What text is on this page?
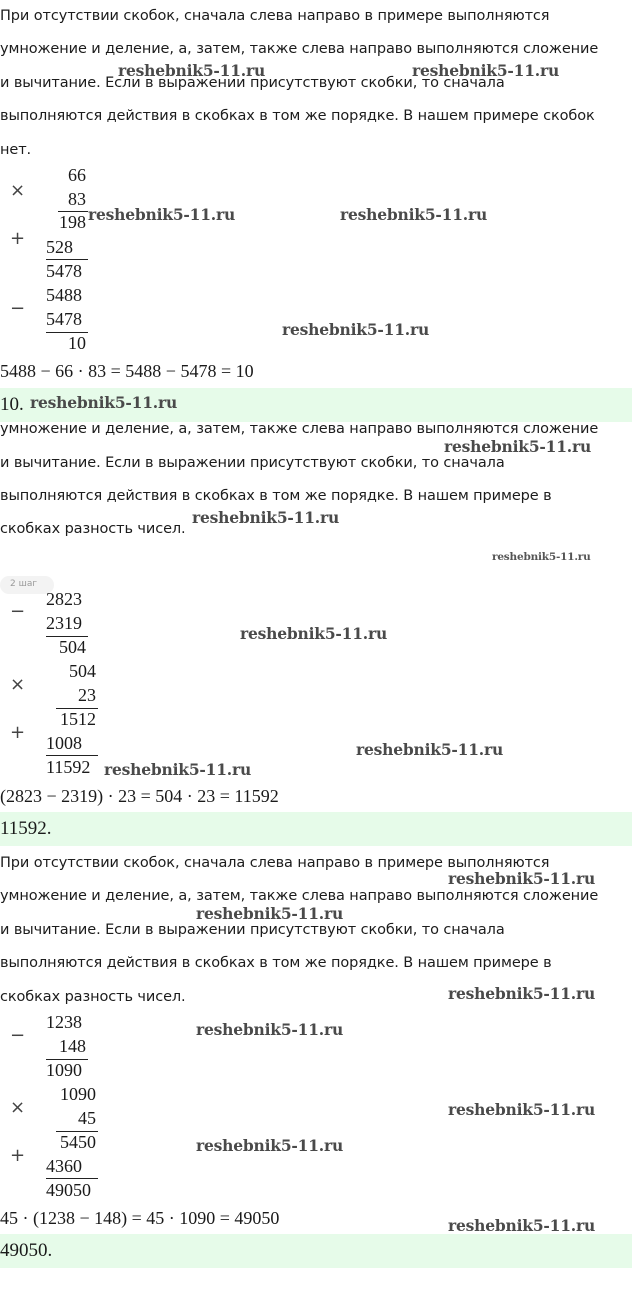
При отсутствии скобок, сначала слева направо в примере выполняются
умножение и деление, а, затем, также слева направо выполняются сложение
и вычитание. Если в выражении присутствуют скобки, то сначала
выполняются действия в скобках в том же порядке. В нашем примере скобок
нет.
×
66
83
198
+ 528
5478
−
5488
5478
10
5488 − 66 · 83 = 5488 − 5478 = 10
10.
умножение и деление, а, затем, также слева направо выполняются сложение
и вычитание. Если в выражении присутствуют скобки, то сначала
выполняются действия в скобках в том же порядке. В нашем примере в
скобках разность чисел.
2 шаг
−
2823
2319
504
×
504
23
1512
+ 1008
11592
(2823 − 2319) · 23 = 504 · 23 = 11592
11592.
При отсутствии скобок, сначала слева направо в примере выполняются
умножение и деление, а, затем, также слева направо выполняются сложение
и вычитание. Если в выражении присутствуют скобки, то сначала
выполняются действия в скобках в том же порядке. В нашем примере в
скобках разность чисел.
−
1238
148
1090
×
1090
45
5450
+ 4360
49050
45 · (1238 − 148) = 45 · 1090 = 49050
49050.
reshebnik5-11.ru	reshebnik5-11.ru
reshebnik5-11.ru	reshebnik5-11.ru
reshebnik5-11.ru
reshebnik5-11.ru
reshebnik5-11.ru
reshebnik5-11.ru
reshebnik5-11.ru
reshebnik5-11.ru
reshebnik5-11.ru
reshebnik5-11.ru
reshebnik5-11.ru
reshebnik5-11.ru
reshebnik5-11.ru
reshebnik5-11.ru
reshebnik5-11.ru
reshebnik5-11.ru
reshebnik5-11.ru
